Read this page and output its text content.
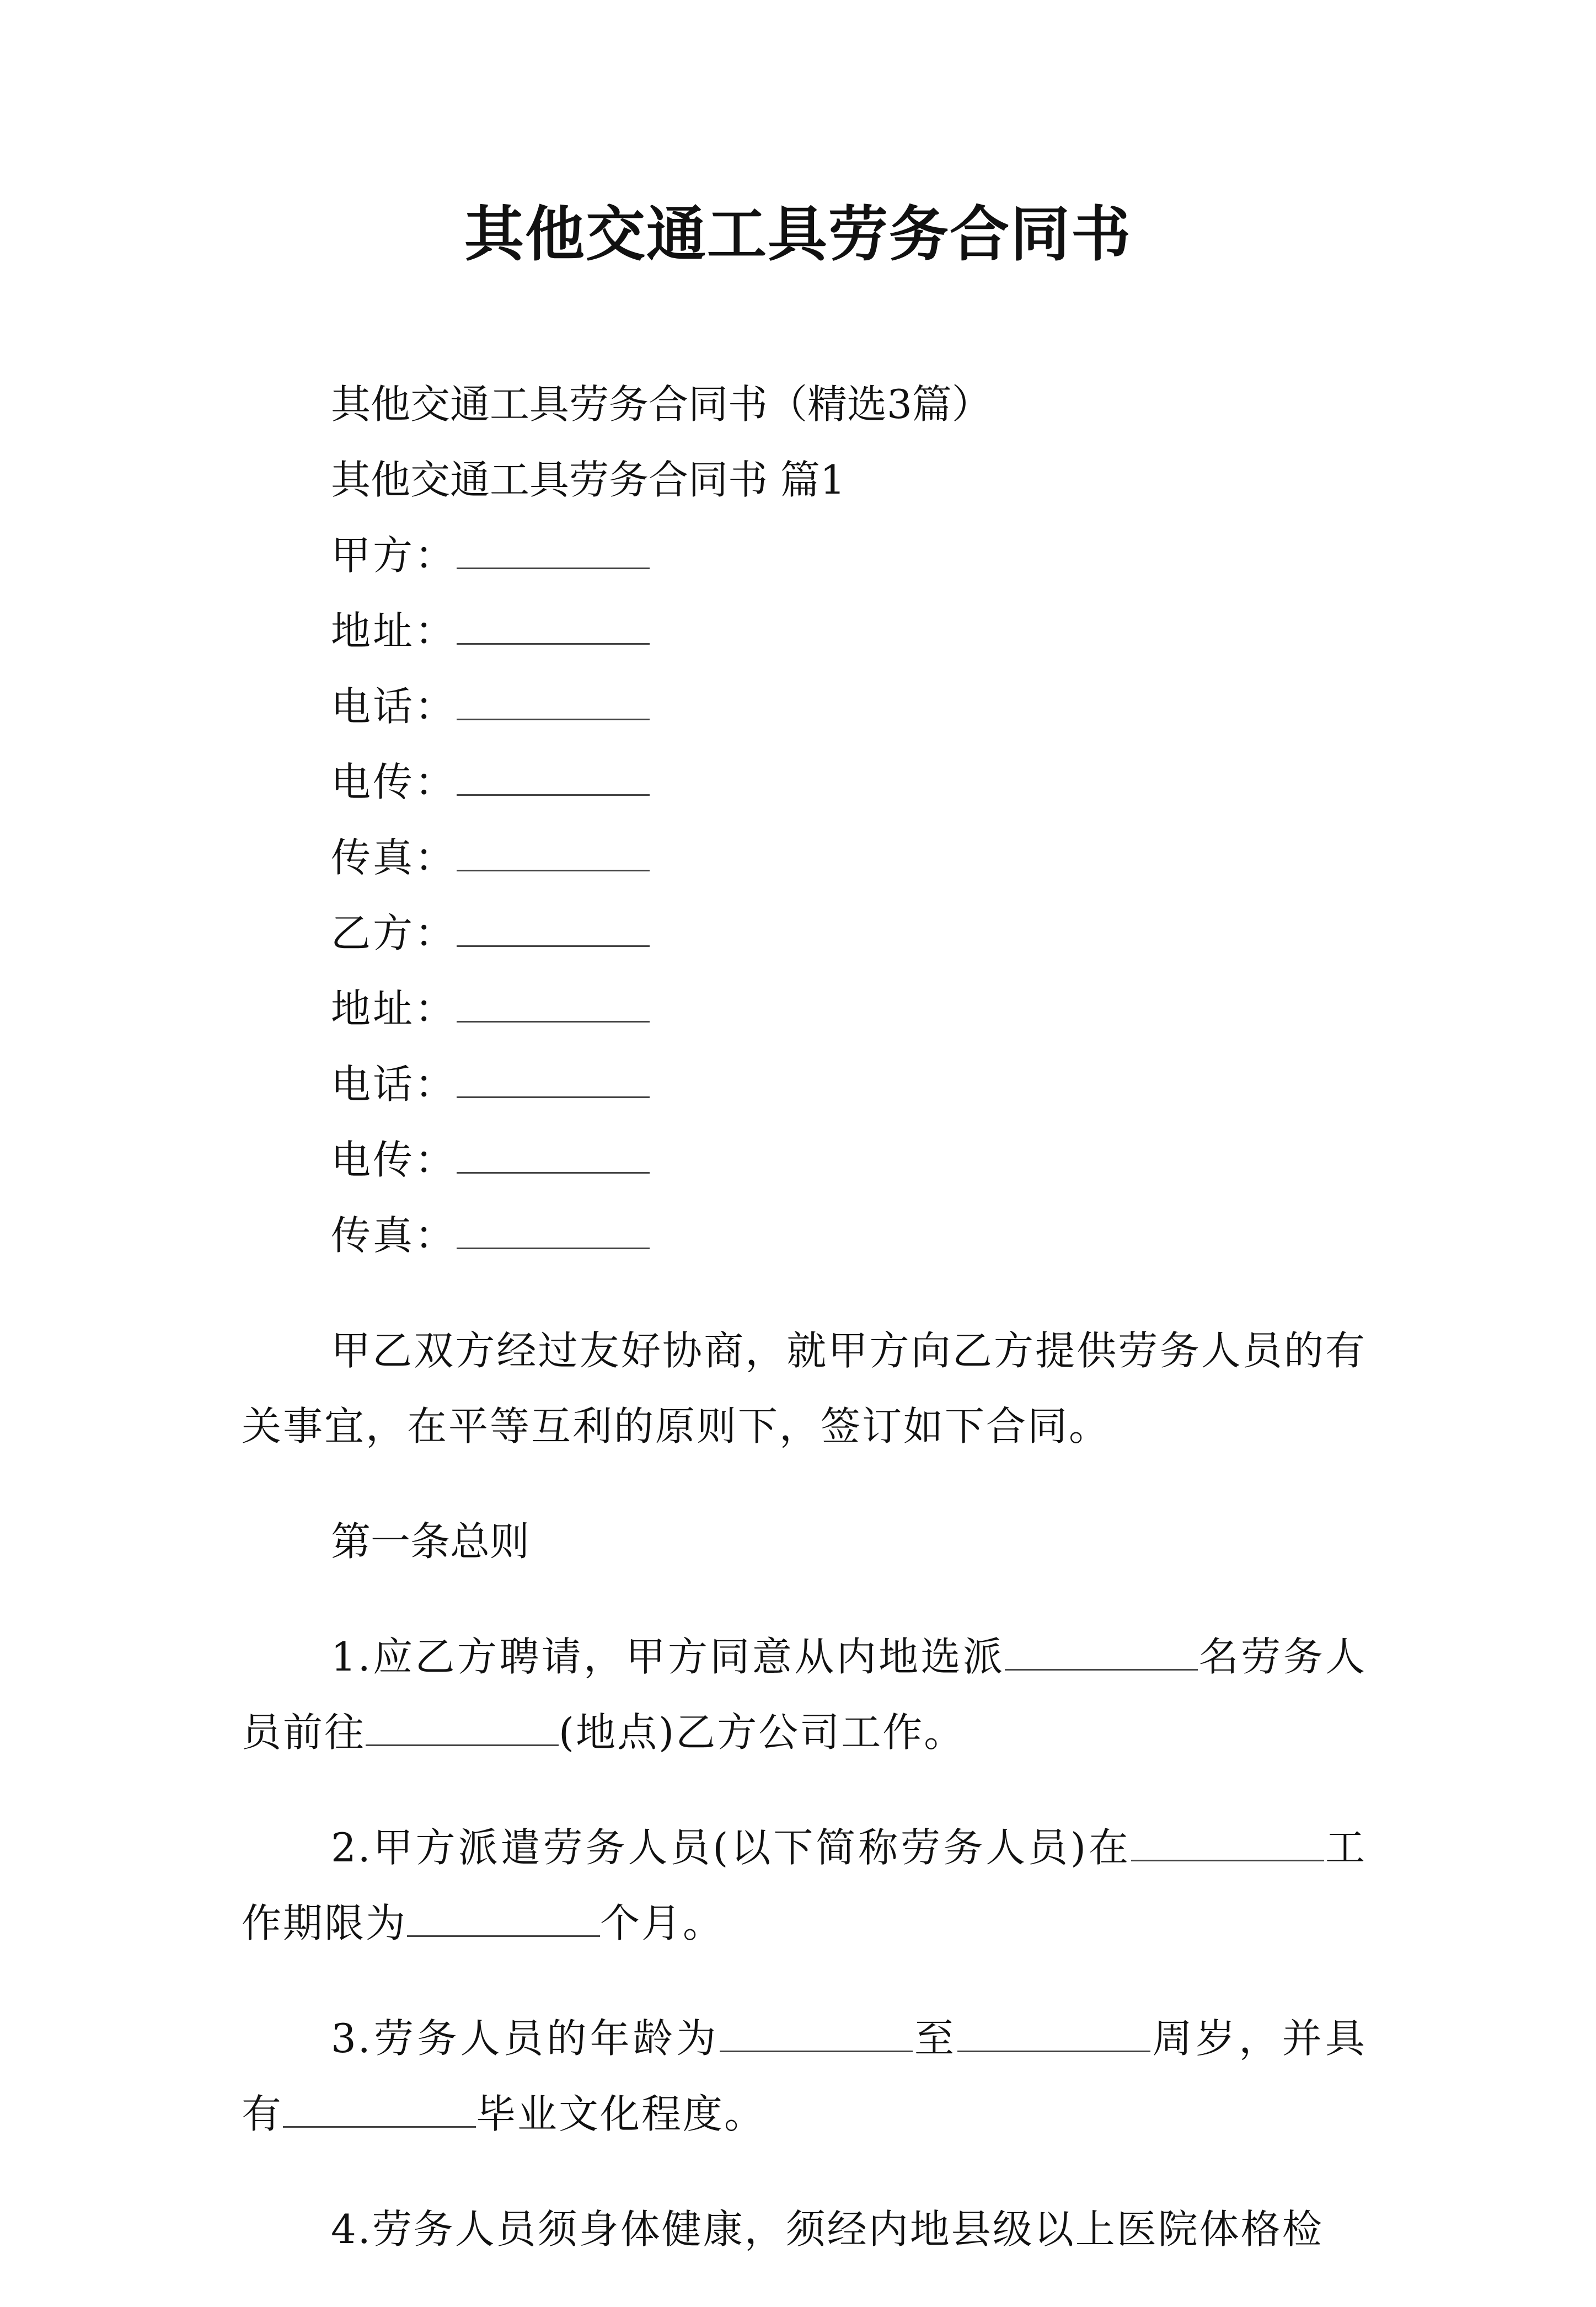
其他交通工具劳务合同书

其他交通工具劳务合同书（精选3篇）

其他交通工具劳务合同书 篇1

甲方：

地址：

电话：

电传：

传真：

乙方：

地址：

电话：

电传：

传真：

甲乙双方经过友好协商，就甲方向乙方提供劳务人员的有关事宜，在平等互利的原则下，签订如下合同。

第一条总则

1.应乙方聘请，甲方同意从内地选派	名劳务人员前往	(地点)乙方公司工作。

2.甲方派遣劳务人员(以下简称劳务人员)在	工作期限为	个月。

3.劳务人员的年龄为	至	周岁，并具有	毕业文化程度。

4.劳务人员须身体健康，须经内地县级以上医院体格检
